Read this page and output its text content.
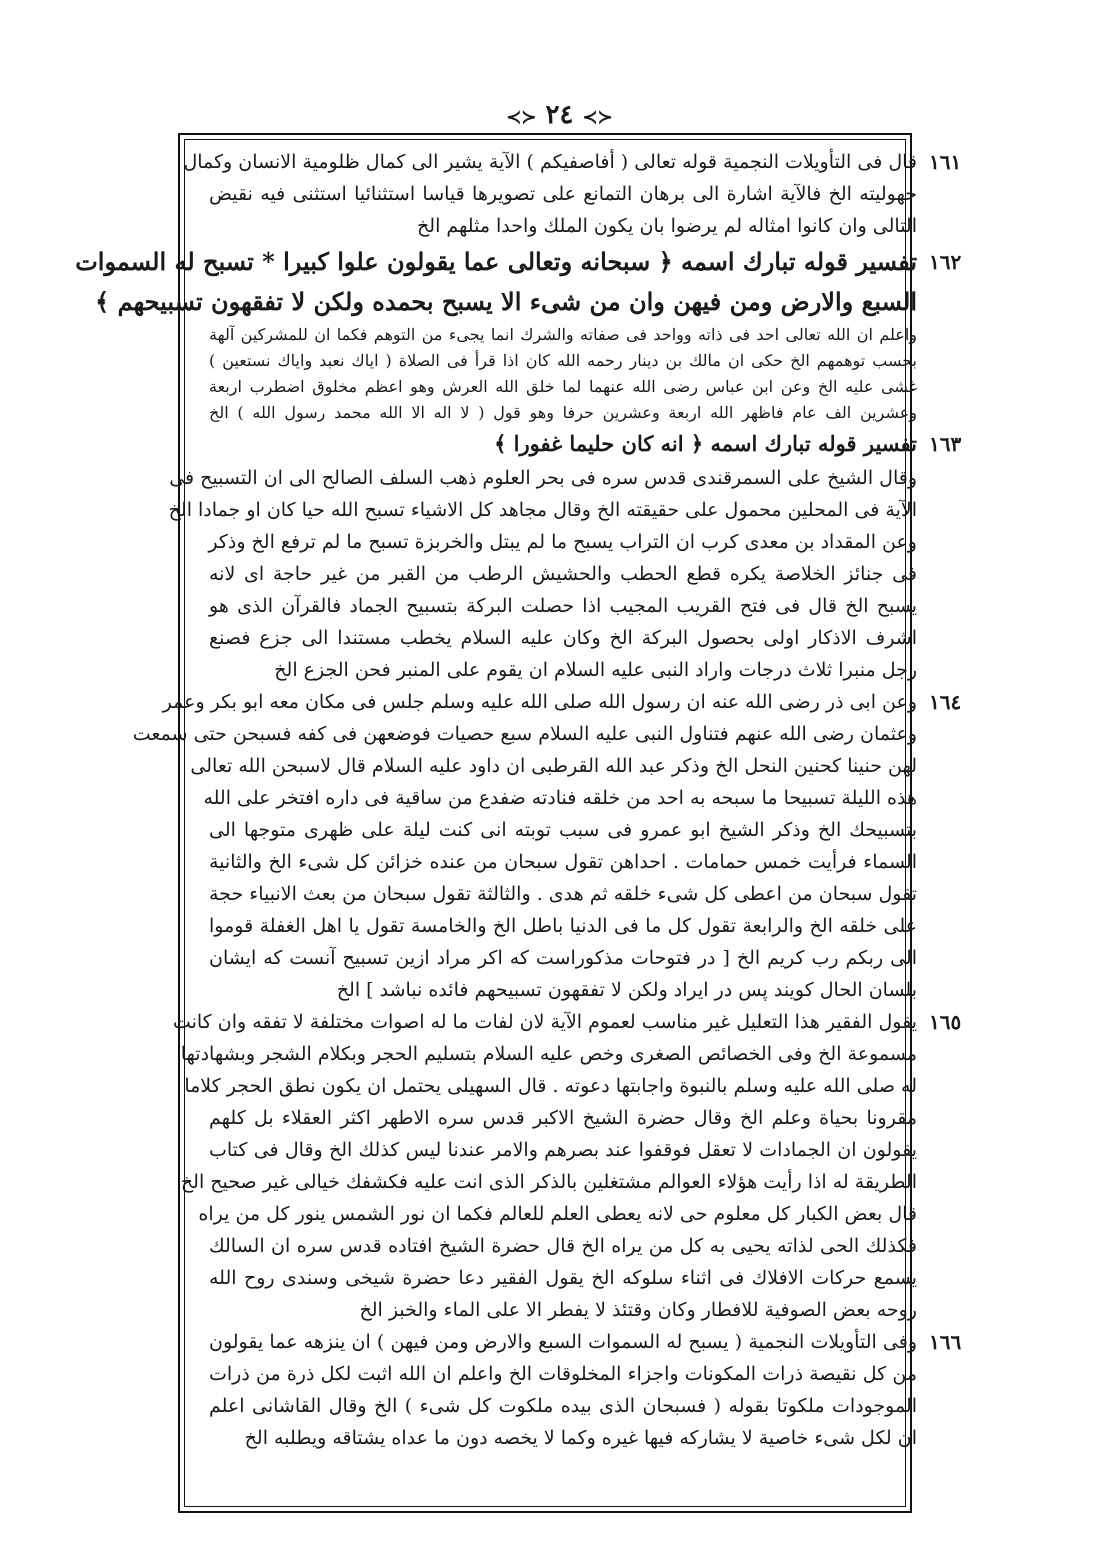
≺≻ ٢٤ ≺≻
١٦١
قال فى التأويلات النجمية قوله تعالى ( أفاصفيكم ) الآية يشير الى كمال ظلومية الانسان وكمال
جهوليته الخ فالآية اشارة الى برهان التمانع على تصويرها قياسا استثنائيا استثنى فيه نقيض
التالى وان كانوا امثاله لم يرضوا بان يكون الملك واحدا مثلهم الخ
١٦٢
تفسير قوله تبارك اسمه ﴿ سبحانه وتعالى عما يقولون علوا كبيرا * تسبح له السموات
السبع والارض ومن فيهن وان من شىء الا يسبح بحمده ولكن لا تفقهون تسبيحهم ﴾
واعلم ان الله تعالى احد فى ذاته وواحد فى صفاته والشرك انما يجىء من التوهم فكما ان للمشركين آلهة
بحسب توهمهم الخ حكى ان مالك بن دينار رحمه الله كان اذا قرأ فى الصلاة ( اياك نعبد واياك نستعين )
غشى عليه الخ وعن ابن عباس رضى الله عنهما لما خلق الله العرش وهو اعظم مخلوق اضطرب اربعة
وعشرين الف عام فاظهر الله اربعة وعشرين حرفا وهو قول ( لا اله الا الله محمد رسول الله ) الخ
١٦٣
تفسير قوله تبارك اسمه ﴿ انه كان حليما غفورا ﴾
وقال الشيخ على السمرقندى قدس سره فى بحر العلوم ذهب السلف الصالح الى ان التسبيح فى
الآية فى المحلين محمول على حقيقته الخ وقال مجاهد كل الاشياء تسبح الله حيا كان او جمادا الخ
وعن المقداد بن معدى كرب ان التراب يسبح ما لم يبتل والخربزة تسبح ما لم ترفع الخ وذكر
فى جنائز الخلاصة يكره قطع الحطب والحشيش الرطب من القبر من غير حاجة اى لانه
يسبح الخ قال فى فتح القريب المجيب اذا حصلت البركة بتسبيح الجماد فالقرآن الذى هو
اشرف الاذكار اولى بحصول البركة الخ وكان عليه السلام يخطب مستندا الى جزع فصنع
رجل منبرا ثلاث درجات واراد النبى عليه السلام ان يقوم على المنبر فحن الجزع الخ
١٦٤
وعن ابى ذر رضى الله عنه ان رسول الله صلى الله عليه وسلم جلس فى مكان معه ابو بكر وعمر
وعثمان رضى الله عنهم فتناول النبى عليه السلام سبع حصيات فوضعهن فى كفه فسبحن حتى سمعت
لهن حنينا كحنين النحل الخ وذكر عبد الله القرطبى ان داود عليه السلام قال لاسبحن الله تعالى
هذه الليلة تسبيحا ما سبحه به احد من خلقه فنادته ضفدع من ساقية فى داره افتخر على الله
بتسبيحك الخ وذكر الشيخ ابو عمرو فى سبب توبته انى كنت ليلة على ظهرى متوجها الى
السماء فرأيت خمس حمامات . احداهن تقول سبحان من عنده خزائن كل شىء الخ والثانية
تقول سبحان من اعطى كل شىء خلقه ثم هدى . والثالثة تقول سبحان من بعث الانبياء حجة
على خلقه الخ والرابعة تقول كل ما فى الدنيا باطل الخ والخامسة تقول يا اهل الغفلة قوموا
الى ربكم رب كريم الخ [ در فتوحات مذكوراست كه اكر مراد ازين تسبيح آنست كه ايشان
بلسان الحال كويند پس در ايراد ولكن لا تفقهون تسبيحهم فائده نباشد ] الخ
١٦٥
يقول الفقير هذا التعليل غير مناسب لعموم الآية لان لفات ما له اصوات مختلفة لا تفقه وان كانت
مسموعة الخ وفى الخصائص الصغرى وخص عليه السلام بتسليم الحجر وبكلام الشجر وبشهادتها
له صلى الله عليه وسلم بالنبوة واجابتها دعوته . قال السهيلى يحتمل ان يكون نطق الحجر كلاما
مقرونا بحياة وعلم الخ وقال حضرة الشيخ الاكبر قدس سره الاطهر اكثر العقلاء بل كلهم
يقولون ان الجمادات لا تعقل فوقفوا عند بصرهم والامر عندنا ليس كذلك الخ وقال فى كتاب
الطريقة له اذا رأيت هؤلاء العوالم مشتغلين بالذكر الذى انت عليه فكشفك خيالى غير صحيح الخ
قال بعض الكبار كل معلوم حى لانه يعطى العلم للعالم فكما ان نور الشمس ينور كل من يراه
فكذلك الحى لذاته يحيى به كل من يراه الخ قال حضرة الشيخ افتاده قدس سره ان السالك
يسمع حركات الافلاك فى اثناء سلوكه الخ يقول الفقير دعا حضرة شيخى وسندى روح الله
روحه بعض الصوفية للافطار وكان وقتئذ لا يفطر الا على الماء والخبز الخ
١٦٦
وفى التأويلات النجمية ( يسبح له السموات السبع والارض ومن فيهن ) ان ينزهه عما يقولون
من كل نقيصة ذرات المكونات واجزاء المخلوقات الخ واعلم ان الله اثبت لكل ذرة من ذرات
الموجودات ملكوتا بقوله ( فسبحان الذى بيده ملكوت كل شىء ) الخ وقال القاشانى اعلم
ان لكل شىء خاصية لا يشاركه فيها غيره وكما لا يخصه دون ما عداه يشتاقه ويطلبه الخ
